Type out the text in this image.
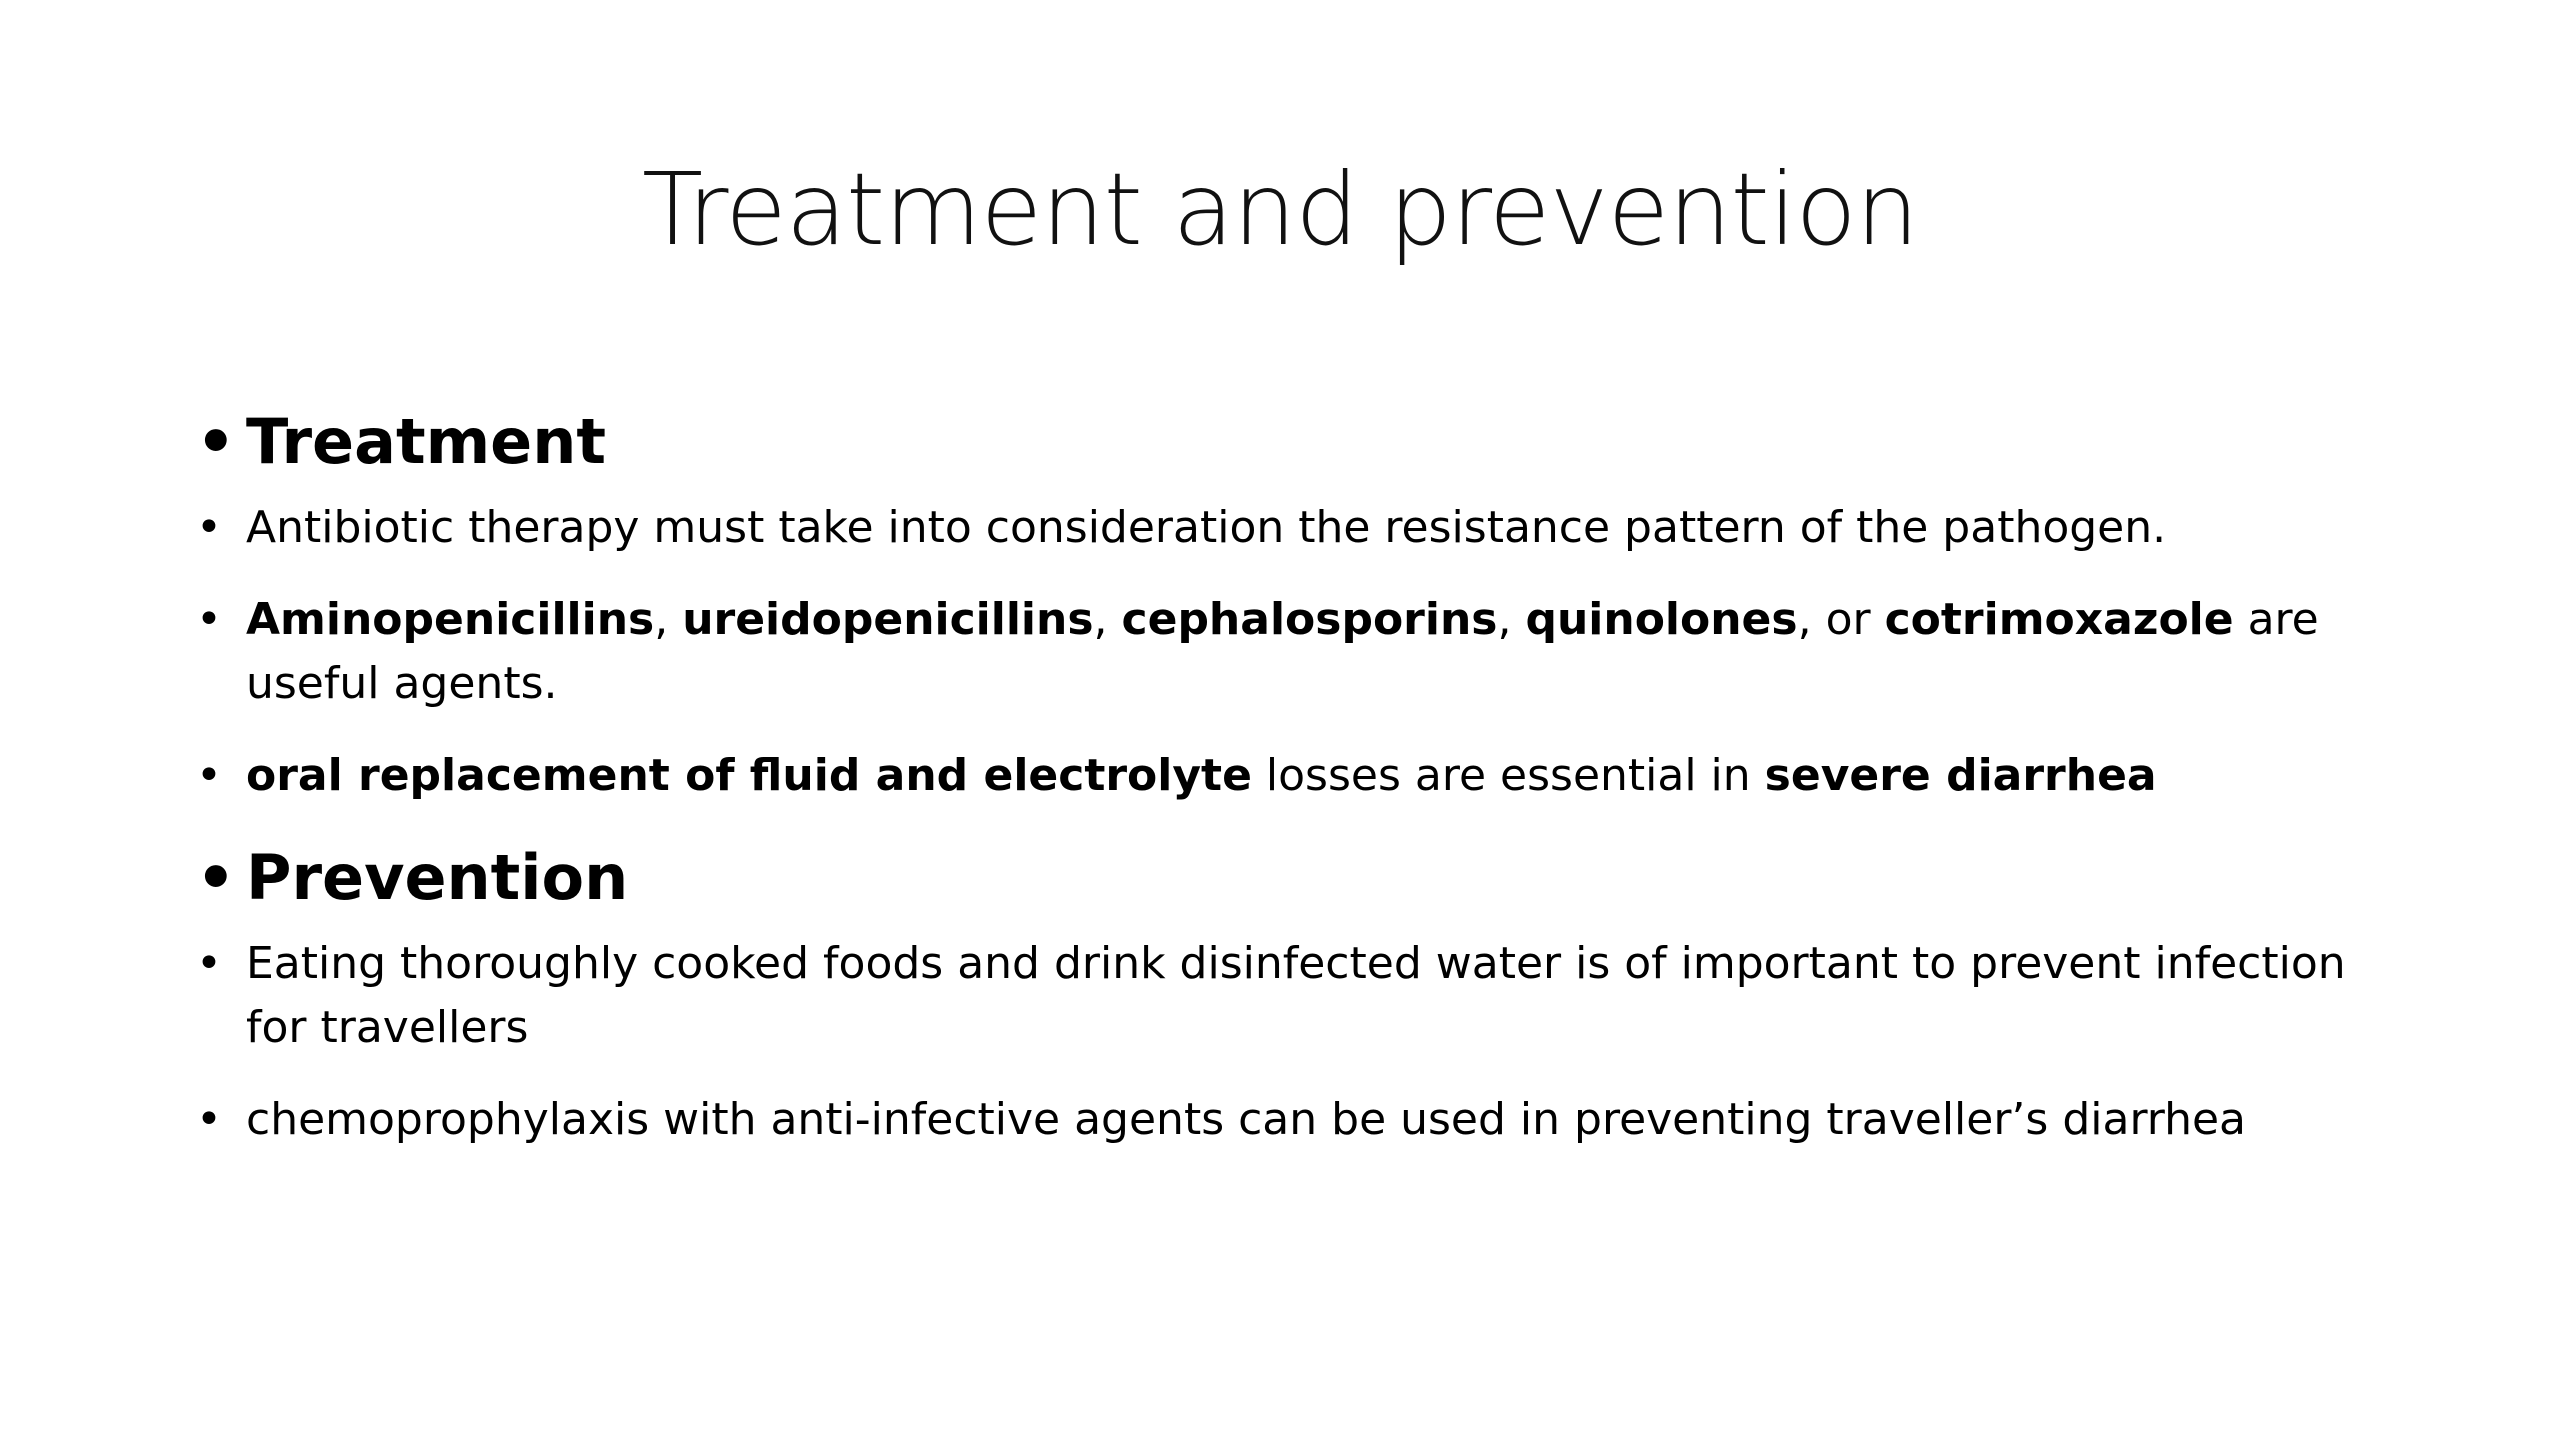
Treatment and prevention
• Treatment
• Antibiotic therapy must take into consideration the resistance pattern of the pathogen.
• Aminopenicillins, ureidopenicillins, cephalosporins, quinolones, or cotrimoxazole are useful agents.
• oral replacement of fluid and electrolyte losses are essential in severe diarrhea
• Prevention
• Eating thoroughly cooked foods and drink disinfected water is of important to prevent infection for travellers
• chemoprophylaxis with anti-infective agents can be used in preventing traveller’s diarrhea
